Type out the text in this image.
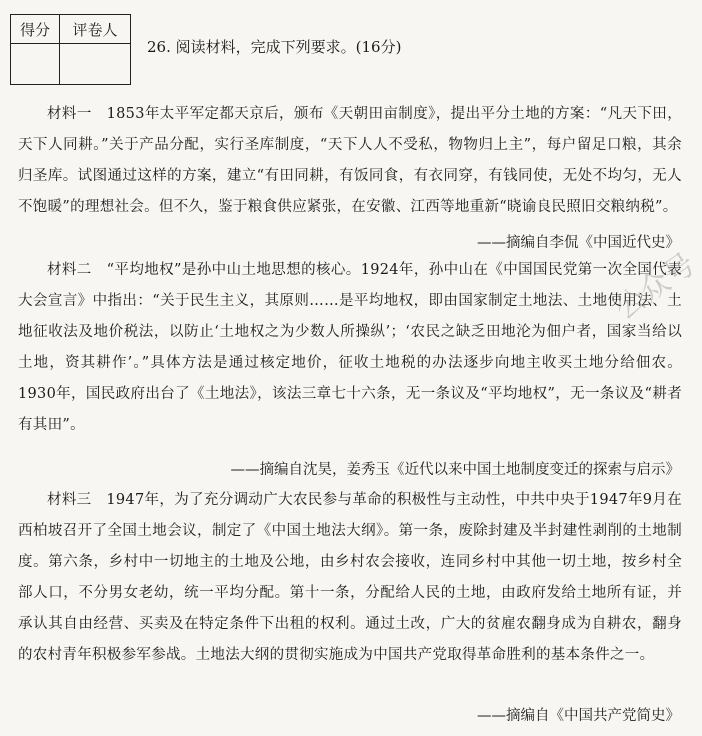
得分	评卷人

26. 阅读材料，完成下列要求。(16分)
材料一　1853年太平军定都天京后，颁布《天朝田亩制度》，提出平分土地的方案：“凡天下田，天下人同耕。”关于产品分配，实行圣库制度，“天下人人不受私，物物归上主”，每户留足口粮，其余归圣库。试图通过这样的方案，建立“有田同耕，有饭同食，有衣同穿，有钱同使，无处不均匀，无人不饱暖”的理想社会。但不久，鉴于粮食供应紧张，在安徽、江西等地重新“晓谕良民照旧交粮纳税”。
——摘编自李侃《中国近代史》
材料二　“平均地权”是孙中山土地思想的核心。1924年，孙中山在《中国国民党第一次全国代表大会宣言》中指出：“关于民生主义，其原则……是平均地权，即由国家制定土地法、土地使用法、土地征收法及地价税法，以防止‘土地权之为少数人所操纵’；‘农民之缺乏田地沦为佃户者，国家当给以土地，资其耕作’。”具体方法是通过核定地价，征收土地税的办法逐步向地主收买土地分给佃农。1930年，国民政府出台了《土地法》，该法三章七十六条，无一条议及“平均地权”，无一条议及“耕者有其田”。
——摘编自沈昊，姜秀玉《近代以来中国土地制度变迁的探索与启示》
材料三　1947年，为了充分调动广大农民参与革命的积极性与主动性，中共中央于1947年9月在西柏坡召开了全国土地会议，制定了《中国土地法大纲》。第一条，废除封建及半封建性剥削的土地制度。第六条，乡村中一切地主的土地及公地，由乡村农会接收，连同乡村中其他一切土地，按乡村全部人口，不分男女老幼，统一平均分配。第十一条，分配给人民的土地，由政府发给土地所有证，并承认其自由经营、买卖及在特定条件下出租的权利。通过土改，广大的贫雇农翻身成为自耕农，翻身的农村青年积极参军参战。土地法大纲的贯彻实施成为中国共产党取得革命胜利的基本条件之一。
——摘编自《中国共产党简史》
公众号
